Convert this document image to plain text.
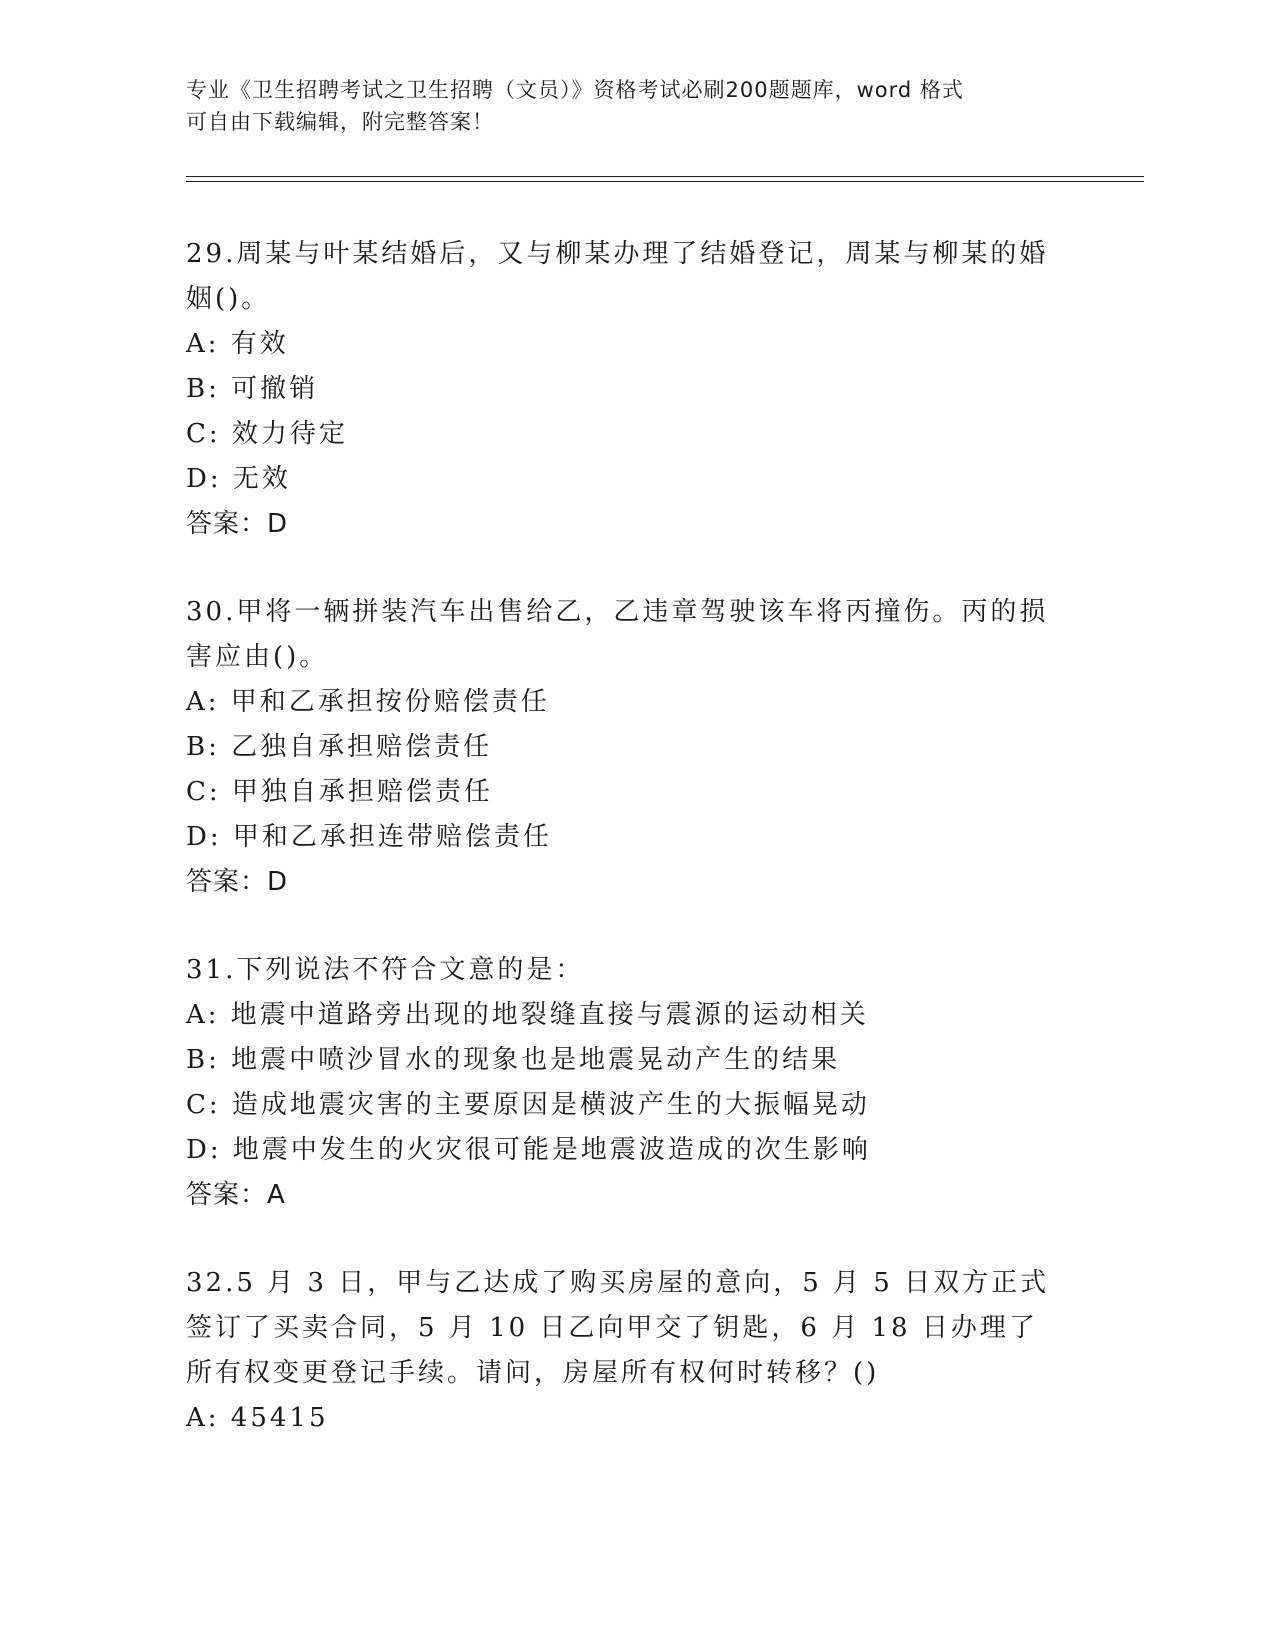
专业《卫生招聘考试之卫生招聘（文员）》资格考试必刷200题题库，word 格式
可自由下载编辑，附完整答案！

29.周某与叶某结婚后，又与柳某办理了结婚登记，周某与柳某的婚姻()。

A: 有效

B: 可撤销

C: 效力待定

D: 无效

答案：D

30.甲将一辆拼装汽车出售给乙，乙违章驾驶该车将丙撞伤。丙的损害应由()。

A: 甲和乙承担按份赔偿责任

B: 乙独自承担赔偿责任

C: 甲独自承担赔偿责任

D: 甲和乙承担连带赔偿责任

答案：D

31.下列说法不符合文意的是：

A: 地震中道路旁出现的地裂缝直接与震源的运动相关

B: 地震中喷沙冒水的现象也是地震晃动产生的结果

C: 造成地震灾害的主要原因是横波产生的大振幅晃动

D: 地震中发生的火灾很可能是地震波造成的次生影响

答案：A

32.5 月 3 日，甲与乙达成了购买房屋的意向，5 月 5 日双方正式签订了买卖合同，5 月 10 日乙向甲交了钥匙，6 月 18 日办理了所有权变更登记手续。请问，房屋所有权何时转移？()

A: 45415
